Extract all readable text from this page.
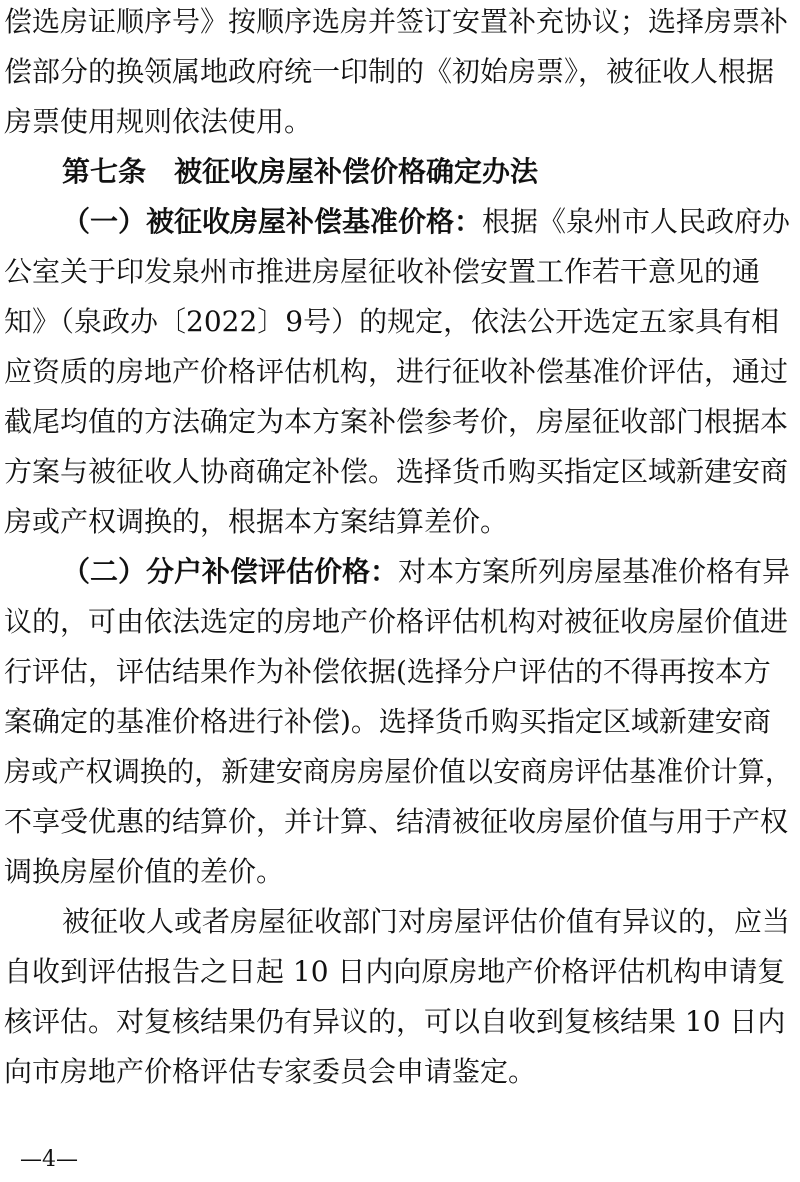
偿选房证顺序号》按顺序选房并签订安置补充协议；选择房票补
偿部分的换领属地政府统一印制的《初始房票》，被征收人根据
房票使用规则依法使用。
第七条　被征收房屋补偿价格确定办法
（一）被征收房屋补偿基准价格：根据《泉州市人民政府办
公室关于印发泉州市推进房屋征收补偿安置工作若干意见的通
知》（泉政办〔2022〕9号）的规定，依法公开选定五家具有相
应资质的房地产价格评估机构，进行征收补偿基准价评估，通过
截尾均值的方法确定为本方案补偿参考价，房屋征收部门根据本
方案与被征收人协商确定补偿。选择货币购买指定区域新建安商
房或产权调换的，根据本方案结算差价。
（二）分户补偿评估价格：对本方案所列房屋基准价格有异
议的，可由依法选定的房地产价格评估机构对被征收房屋价值进
行评估，评估结果作为补偿依据(选择分户评估的不得再按本方
案确定的基准价格进行补偿)。选择货币购买指定区域新建安商
房或产权调换的，新建安商房房屋价值以安商房评估基准价计算，
不享受优惠的结算价，并计算、结清被征收房屋价值与用于产权
调换房屋价值的差价。
被征收人或者房屋征收部门对房屋评估价值有异议的，应当
自收到评估报告之日起 10 日内向原房地产价格评估机构申请复
核评估。对复核结果仍有异议的，可以自收到复核结果 10 日内
向市房地产价格评估专家委员会申请鉴定。
—4—
